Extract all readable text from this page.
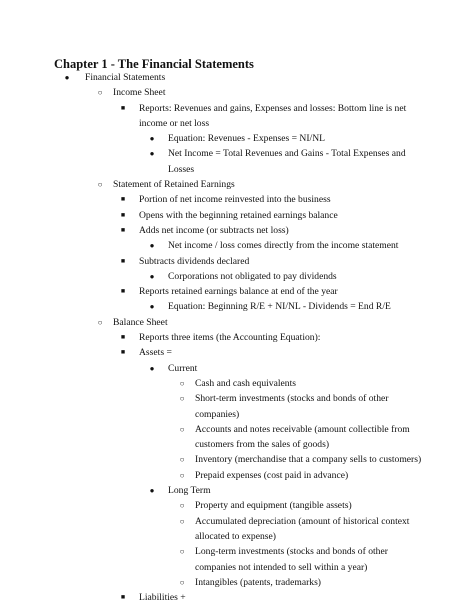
Chapter 1 - The Financial Statements
●	Financial Statements
○	Income Sheet
■	Reports: Revenues and gains, Expenses and losses: Bottom line is net
income or net loss
●	Equation: Revenues - Expenses = NI/NL
●	Net Income = Total Revenues and Gains - Total Expenses and
Losses
○	Statement of Retained Earnings
■	Portion of net income reinvested into the business
■	Opens with the beginning retained earnings balance
■	Adds net income (or subtracts net loss)
●	Net income / loss comes directly from the income statement
■	Subtracts dividends declared
●	Corporations not obligated to pay dividends
■	Reports retained earnings balance at end of the year
●	Equation: Beginning R/E + NI/NL - Dividends = End R/E
○	Balance Sheet
■	Reports three items (the Accounting Equation):
■	Assets =
●	Current
○	Cash and cash equivalents
○	Short-term investments (stocks and bonds of other
companies)
○	Accounts and notes receivable (amount collectible from
customers from the sales of goods)
○	Inventory (merchandise that a company sells to customers)
○	Prepaid expenses (cost paid in advance)
●	Long Term
○	Property and equipment (tangible assets)
○	Accumulated depreciation (amount of historical context
allocated to expense)
○	Long-term investments (stocks and bonds of other
companies not intended to sell within a year)
○	Intangibles (patents, trademarks)
■	Liabilities +
